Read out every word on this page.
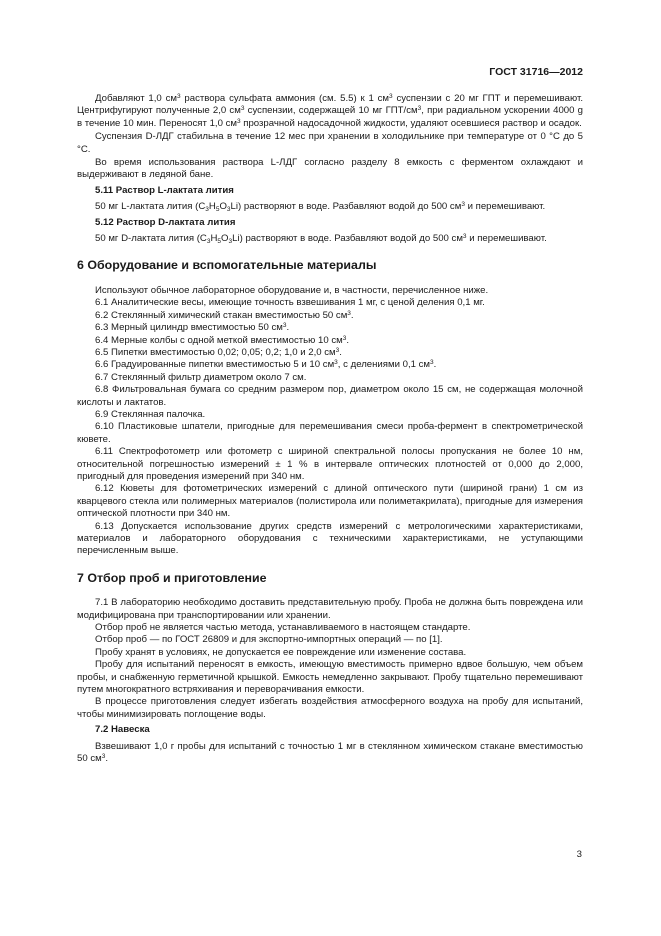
ГОСТ 31716—2012

Добавляют 1,0 $см^3$ раствора сульфата аммония (см. 5.5) к 1 $см^3$ суспензии с 20 мг ГПТ и перемешивают. Центрифугируют полученные 2,0 $см^3$ суспензии, содержащей 10 мг ГПТ/$см^3$, при радиальном ускорении 4000 g в течение 10 мин. Переносят 1,0 $см^3$ прозрачной надосадочной жидкости, удаляют осевшиеся раствор и осадок.

Суспензия D-ЛДГ стабильна в течение 12 мес при хранении в холодильнике при температуре от 0 °С до 5 °С.

Во время использования раствора L-ЛДГ согласно разделу 8 емкость с ферментом охлаждают и выдерживают в ледяной бане.

5.11 Раствор L-лактата лития

50 мг L-лактата лития $(C_3H_5O_3Li)$ растворяют в воде. Разбавляют водой до 500 $см^3$ и перемешивают.

5.12 Раствор D-лактата лития

50 мг D-лактата лития $(C_3H_5O_3Li)$ растворяют в воде. Разбавляют водой до 500 $см^3$ и перемешивают.

6 Оборудование и вспомогательные материалы

Используют обычное лабораторное оборудование и, в частности, перечисленное ниже.

6.1 Аналитические весы, имеющие точность взвешивания 1 мг, с ценой деления 0,1 мг.

6.2 Стеклянный химический стакан вместимостью 50 $см^3$.

6.3 Мерный цилиндр вместимостью 50 $см^3$.

6.4 Мерные колбы с одной меткой вместимостью 10 $см^3$.

6.5 Пипетки вместимостью 0,02; 0,05; 0,2; 1,0 и 2,0 $см^3$.

6.6 Градуированные пипетки вместимостью 5 и 10 $см^3$, с делениями 0,1 $см^3$.

6.7 Стеклянный фильтр диаметром около 7 см.

6.8 Фильтровальная бумага со средним размером пор, диаметром около 15 см, не содержащая молочной кислоты и лактатов.

6.9 Стеклянная палочка.

6.10 Пластиковые шпатели, пригодные для перемешивания смеси проба-фермент в спектрометрической кювете.

6.11 Спектрофотометр или фотометр с шириной спектральной полосы пропускания не более 10 нм, относительной погрешностью измерений ± 1 % в интервале оптических плотностей от 0,000 до 2,000, пригодный для проведения измерений при 340 нм.

6.12 Кюветы для фотометрических измерений с длиной оптического пути (шириной грани) 1 см из кварцевого стекла или полимерных материалов (полистирола или полиметакрилата), пригодные для измерения оптической плотности при 340 нм.

6.13 Допускается использование других средств измерений с метрологическими характеристиками, материалов и лабораторного оборудования с техническими характеристиками, не уступающими перечисленным выше.

7 Отбор проб и приготовление

7.1 В лабораторию необходимо доставить представительную пробу. Проба не должна быть повреждена или модифицирована при транспортировании или хранении.

Отбор проб не является частью метода, устанавливаемого в настоящем стандарте.

Отбор проб — по ГОСТ 26809 и для экспортно-импортных операций — по [1].

Пробу хранят в условиях, не допускается ее повреждение или изменение состава.

Пробу для испытаний переносят в емкость, имеющую вместимость примерно вдвое большую, чем объем пробы, и снабженную герметичной крышкой. Емкость немедленно закрывают. Пробу тщательно перемешивают путем многократного встряхивания и переворачивания емкости.

В процессе приготовления следует избегать воздействия атмосферного воздуха на пробу для испытаний, чтобы минимизировать поглощение воды.

7.2 Навеска

Взвешивают 1,0 г пробы для испытаний с точностью 1 мг в стеклянном химическом стакане вместимостью 50 $см^3$.

3
